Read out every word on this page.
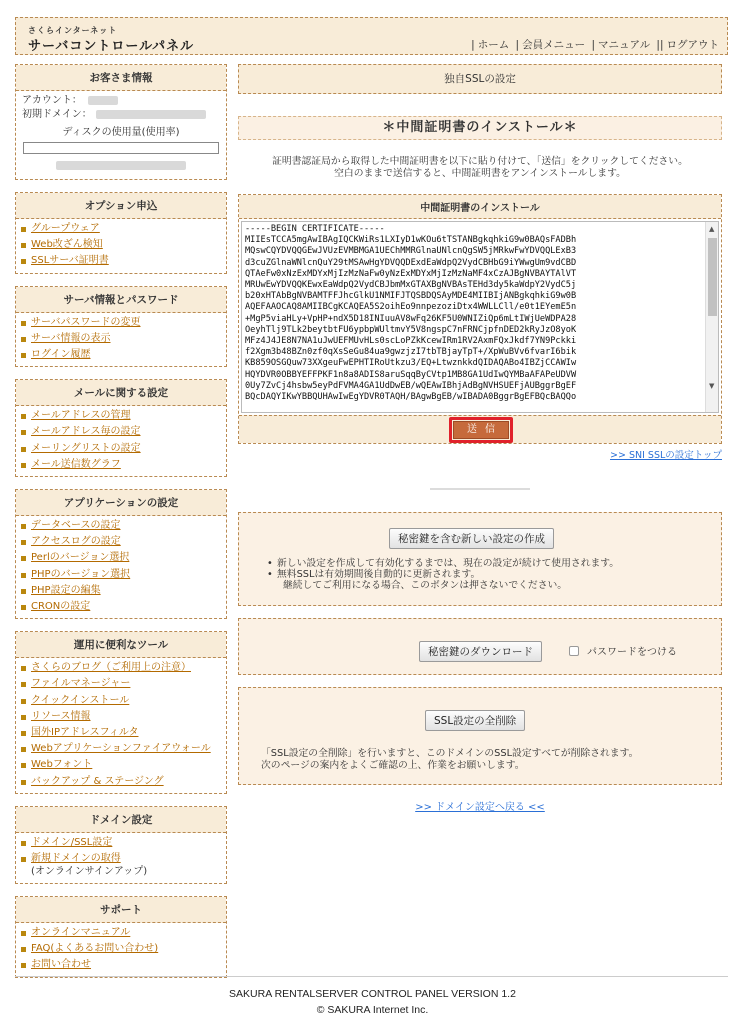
さくらインターネット
サーバコントロールパネル	| ホーム | 会員メニュー | マニュアル || ログアウト
お客さま情報
アカウント：
初期ドメイン：
ディスクの使用量(使用率)
オプション申込
グループウェア
Web改ざん検知
SSLサーバ証明書
サーバ情報とパスワード
サーバパスワードの変更
サーバ情報の表示
ログイン履歴
メールに関する設定
メールアドレスの管理
メールアドレス毎の設定
メーリングリストの設定
メール送信数グラフ
アプリケーションの設定
データベースの設定
アクセスログの設定
Perlのバージョン選択
PHPのバージョン選択
PHP設定の編集
CRONの設定
運用に便利なツール
さくらのブログ（ご利用上の注意）
ファイルマネージャー
クイックインストール
リソース情報
国外IPアドレスフィルタ
Webアプリケーションファイアウォール
Webフォント
バックアップ & ステージング
ドメイン設定
ドメイン/SSL設定
新規ドメインの取得
(オンラインサインアップ)
サポート
オンラインマニュアル
FAQ(よくあるお問い合わせ)
お問い合わせ
独自SSLの設定
＊中間証明書のインストール＊
証明書認証局から取得した中間証明書を以下に貼り付けて、「送信」をクリックしてください。
空白のままで送信すると、中間証明書をアンインストールします。
中間証明書のインストール
-----BEGIN CERTIFICATE-----
MIIEsTCCA5mgAwIBAgIQCKWiRs1LXIyD1wKOu6tTSTANBgkqhkiG9w0BAQsFADBh
MQswCQYDVQQGEwJVUzEVMBMGA1UEChMMRGlnaUNlcnQgSW5jMRkwFwYDVQQLExB3
d3cuZGlnaWNlcnQuY29tMSAwHgYDVQQDExdEaWdpQ2VydCBHbG9iYWwgUm9vdCBD
QTAeFw0xNzExMDYxMjIzMzNaFw0yNzExMDYxMjIzMzNaMF4xCzAJBgNVBAYTAlVT
MRUwEwYDVQQKEwxEaWdpQ2VydCBJbmMxGTAXBgNVBAsTEHd3dy5kaWdpY2VydC5j
b20xHTAbBgNVBAMTFFJhcGlkU1NMIFJTQSBDQSAyMDE4MIIBIjANBgkqhkiG9w0B
AQEFAAOCAQ8AMIIBCgKCAQEA5S2oihEo9nnpezoziDtx4WWLLCll/e0t1EYemE5n
+MgP5viaHLy+VpHP+ndX5D18INIuuAV8wFq26KF5U0WNIZiQp6mLtIWjUeWDPA28
OeyhTlj9TLk2beytbtFU6ypbpWUltmvY5V8ngspC7nFRNCjpfnDED2kRyJzO8yoK
MFz4J4JE8N7NA1uJwUEFMUvHLs0scLoPZkKcewIRm1RV2AxmFQxJkdf7YN9Pckki
f2Xgm3b48BZn0zf0qXsSeGu84ua9gwzjzI7tbTBjayTpT+/XpWuBVv6fvarI6bik
KB859OSGQuw73XXgeuFwEPHTIRoUtkzu3/EQ+LtwznkkdQIDAQABo4IBZjCCAWIw
HQYDVR0OBBYEFFPKF1n8a8ADIS8aruSqqByCVtp1MB8GA1UdIwQYMBaAFAPeUDVW
0Uy7ZvCj4hsbw5eyPdFVMA4GA1UdDwEB/wQEAwIBhjAdBgNVHSUEFjAUBggrBgEF
BQcDAQYIKwYBBQUHAwIwEgYDVR0TAQH/BAgwBgEB/wIBADA0BggrBgEFBQcBAQQo
▲
▼
送信
>> SNI SSLの設定トップ
秘密鍵を含む新しい設定の作成
• 新しい設定を作成して有効化するまでは、現在の設定が続けて使用されます。
• 無料SSLは有効期間後自動的に更新されます。
継続してご利用になる場合、このボタンは押さないでください。
秘密鍵のダウンロード	パスワードをつける
SSL設定の全削除
「SSL設定の全削除」を行いますと、このドメインのSSL設定すべてが削除されます。
次のページの案内をよくご確認の上、作業をお願いします。
>> ドメイン設定へ戻る <<
SAKURA RENTALSERVER CONTROL PANEL VERSION 1.2
© SAKURA Internet Inc.
